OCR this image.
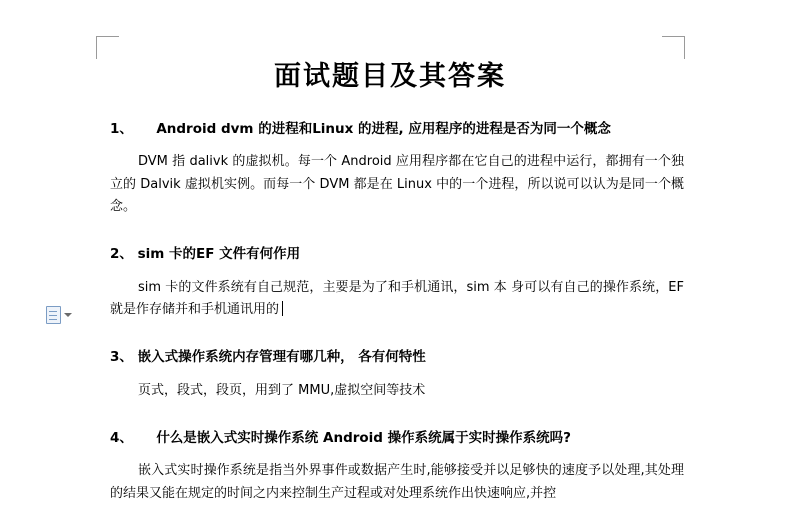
面试题目及其答案
1、 Android dvm 的进程和Linux 的进程, 应用程序的进程是否为同一个概念
DVM 指 dalivk 的虚拟机。每一个 Android 应用程序都在它自己的进程中运行，都拥有一个独立的 Dalvik 虚拟机实例。而每一个 DVM 都是在 Linux 中的一个进程，所以说可以认为是同一个概念。
2、 sim 卡的EF 文件有何作用
sim 卡的文件系统有自己规范，主要是为了和手机通讯，sim 本 身可以有自己的操作系统，EF 就是作存储并和手机通讯用的
3、 嵌入式操作系统内存管理有哪几种， 各有何特性
页式，段式，段页，用到了 MMU,虚拟空间等技术
4、 什么是嵌入式实时操作系统 Android 操作系统属于实时操作系统吗?
嵌入式实时操作系统是指当外界事件或数据产生时,能够接受并以足够快的速度予以处理,其处理的结果又能在规定的时间之内来控制生产过程或对处理系统作出快速响应,并控
